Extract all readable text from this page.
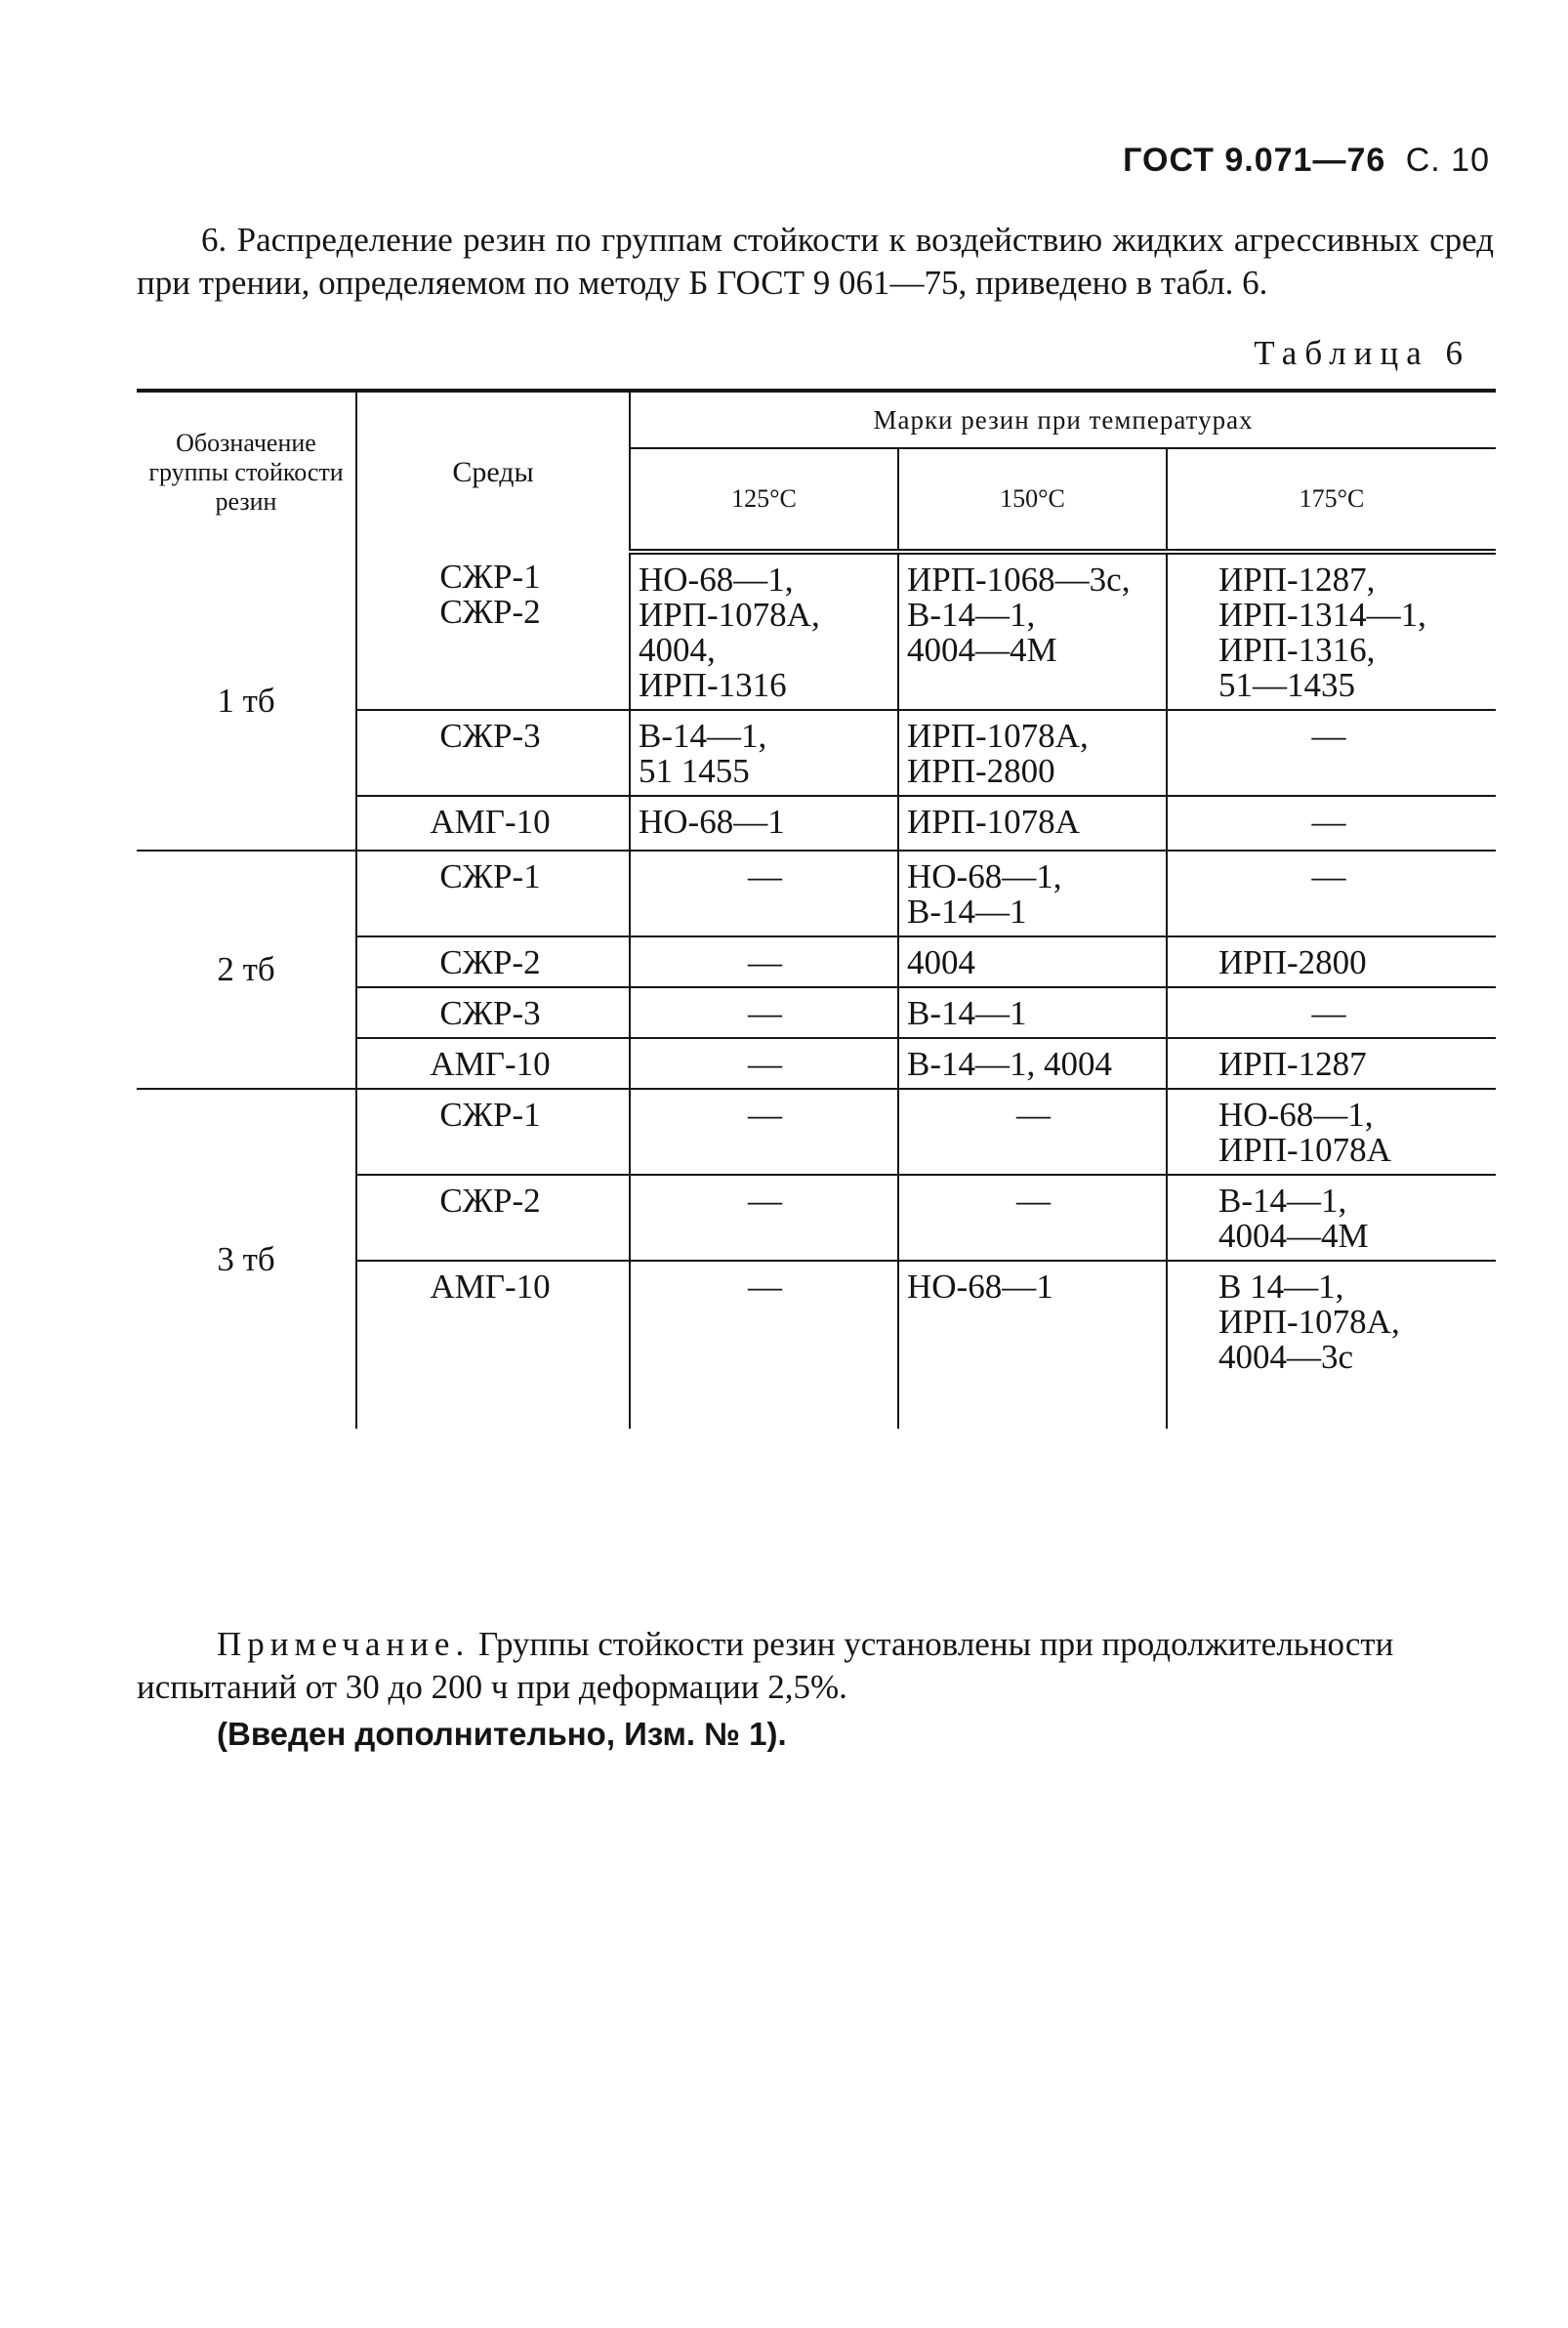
ГОСТ 9.071—76 С. 10

6. Распределение резин по группам стойкости к воздействию жидких агрессивных сред при трении, определяемом по методу Б ГОСТ 9 061—75, приведено в табл. 6.

Таблица 6
Обозначение группы стойкости резин	Среды	Марки резин при температурах		
		125°С	150°С	175°С
1 тб	СЖР-1
СЖР-2	НО-68—1,
ИРП-1078А,
4004,
ИРП-1316	ИРП-1068—3с,
В-14—1,
4004—4М	ИРП-1287,
ИРП-1314—1,
ИРП-1316,
51—1435
	СЖР-3	В-14—1,
51 1455	ИРП-1078А,
ИРП-2800	—
	АМГ-10	НО-68—1	ИРП-1078А	—
2 тб	СЖР-1	—	НО-68—1,
В-14—1	—
	СЖР-2	—	4004	ИРП-2800
	СЖР-3	—	В-14—1	—
	АМГ-10	—	В-14—1, 4004	ИРП-1287
3 тб	СЖР-1	—	—	НО-68—1,
ИРП-1078А
	СЖР-2	—	—	В-14—1,
4004—4М
	АМГ-10	—	НО-68—1	В 14—1,
ИРП-1078А,
4004—3с

Примечание. Группы стойкости резин установлены при продолжительности испытаний от 30 до 200 ч при деформации 2,5%.

(Введен дополнительно, Изм. № 1).
